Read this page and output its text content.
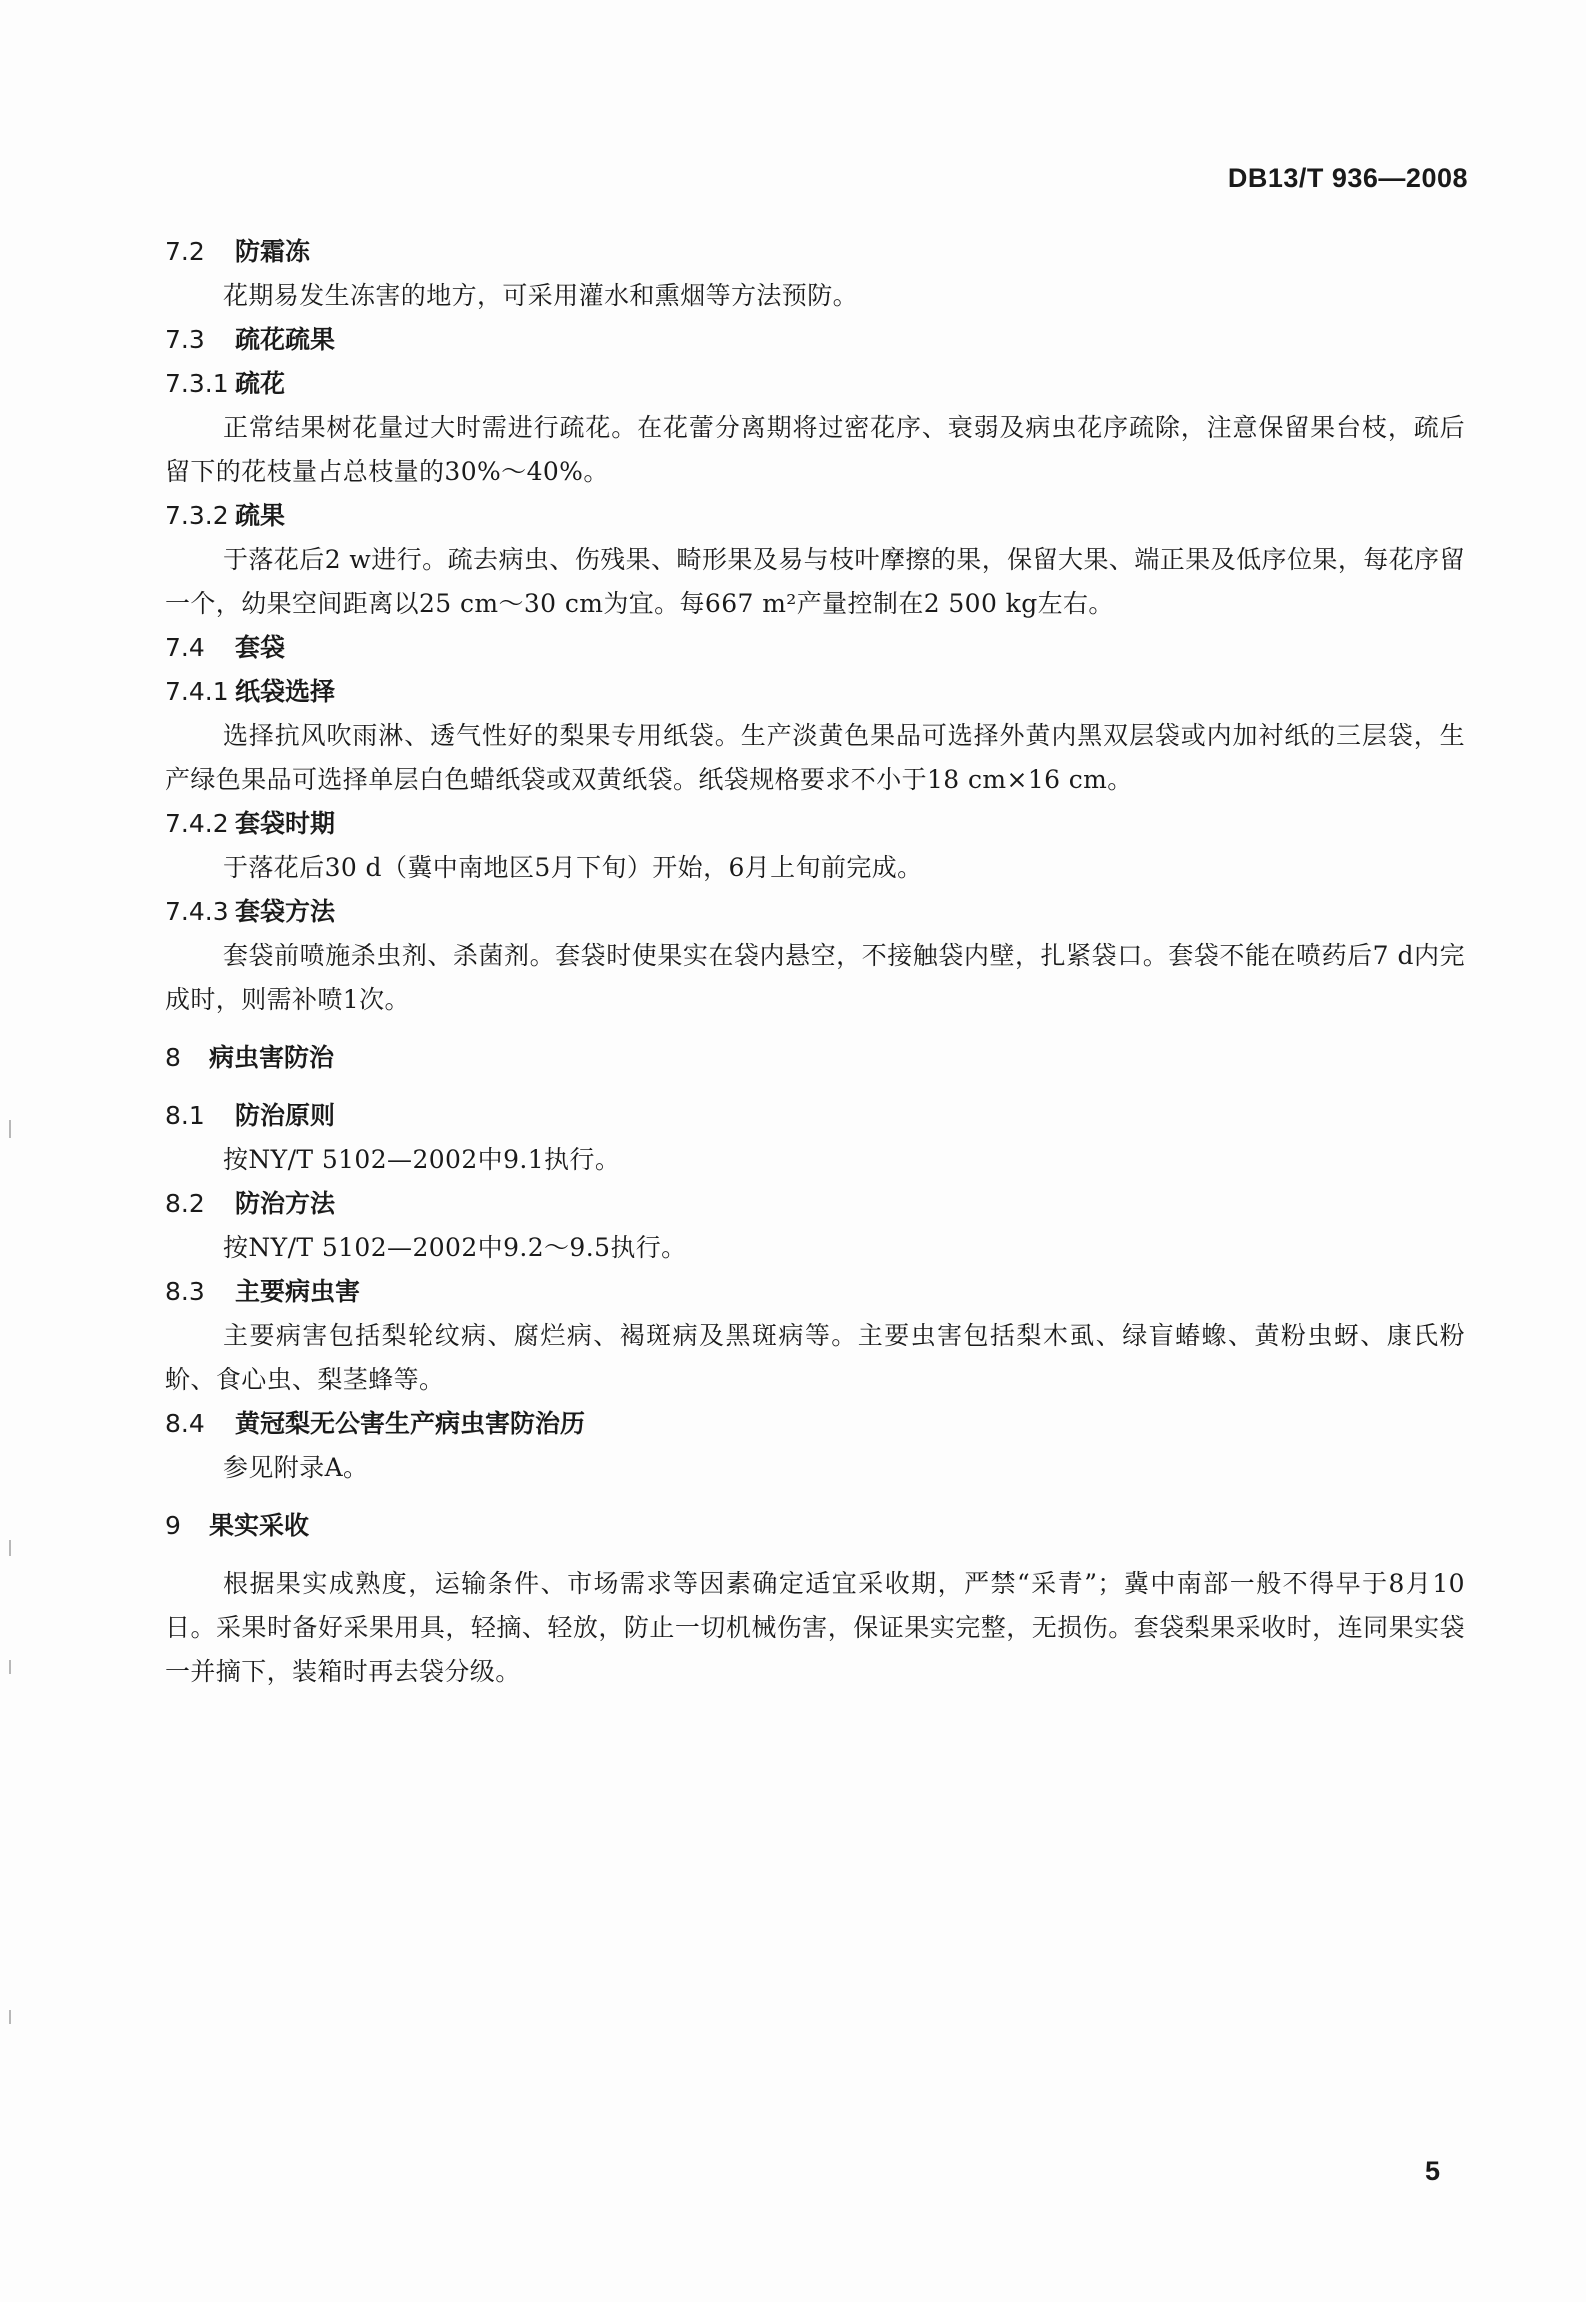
DB13/T 936—2008
7.2 防霜冻

花期易发生冻害的地方，可采用灌水和熏烟等方法预防。

7.3 疏花疏果
7.3.1 疏花

正常结果树花量过大时需进行疏花。在花蕾分离期将过密花序、衰弱及病虫花序疏除，注意保留果台枝，疏后留下的花枝量占总枝量的30%～40%。

7.3.2 疏果

于落花后2 w进行。疏去病虫、伤残果、畸形果及易与枝叶摩擦的果，保留大果、端正果及低序位果，每花序留一个，幼果空间距离以25 cm～30 cm为宜。每667 m²产量控制在2 500 kg左右。

7.4 套袋
7.4.1 纸袋选择

选择抗风吹雨淋、透气性好的梨果专用纸袋。生产淡黄色果品可选择外黄内黑双层袋或内加衬纸的三层袋，生产绿色果品可选择单层白色蜡纸袋或双黄纸袋。纸袋规格要求不小于18 cm×16 cm。

7.4.2 套袋时期

于落花后30 d（冀中南地区5月下旬）开始，6月上旬前完成。

7.4.3 套袋方法

套袋前喷施杀虫剂、杀菌剂。套袋时使果实在袋内悬空，不接触袋内壁，扎紧袋口。套袋不能在喷药后7 d内完成时，则需补喷1次。

8 病虫害防治
8.1 防治原则

按NY/T 5102—2002中9.1执行。

8.2 防治方法

按NY/T 5102—2002中9.2～9.5执行。

8.3 主要病虫害

主要病害包括梨轮纹病、腐烂病、褐斑病及黑斑病等。主要虫害包括梨木虱、绿盲蝽蟓、黄粉虫蚜、康氏粉蚧、食心虫、梨茎蜂等。

8.4 黄冠梨无公害生产病虫害防治历

参见附录A。

9 果实采收

根据果实成熟度，运输条件、市场需求等因素确定适宜采收期，严禁“采青”；冀中南部一般不得早于8月10日。采果时备好采果用具，轻摘、轻放，防止一切机械伤害，保证果实完整，无损伤。套袋梨果采收时，连同果实袋一并摘下，装箱时再去袋分级。

5
